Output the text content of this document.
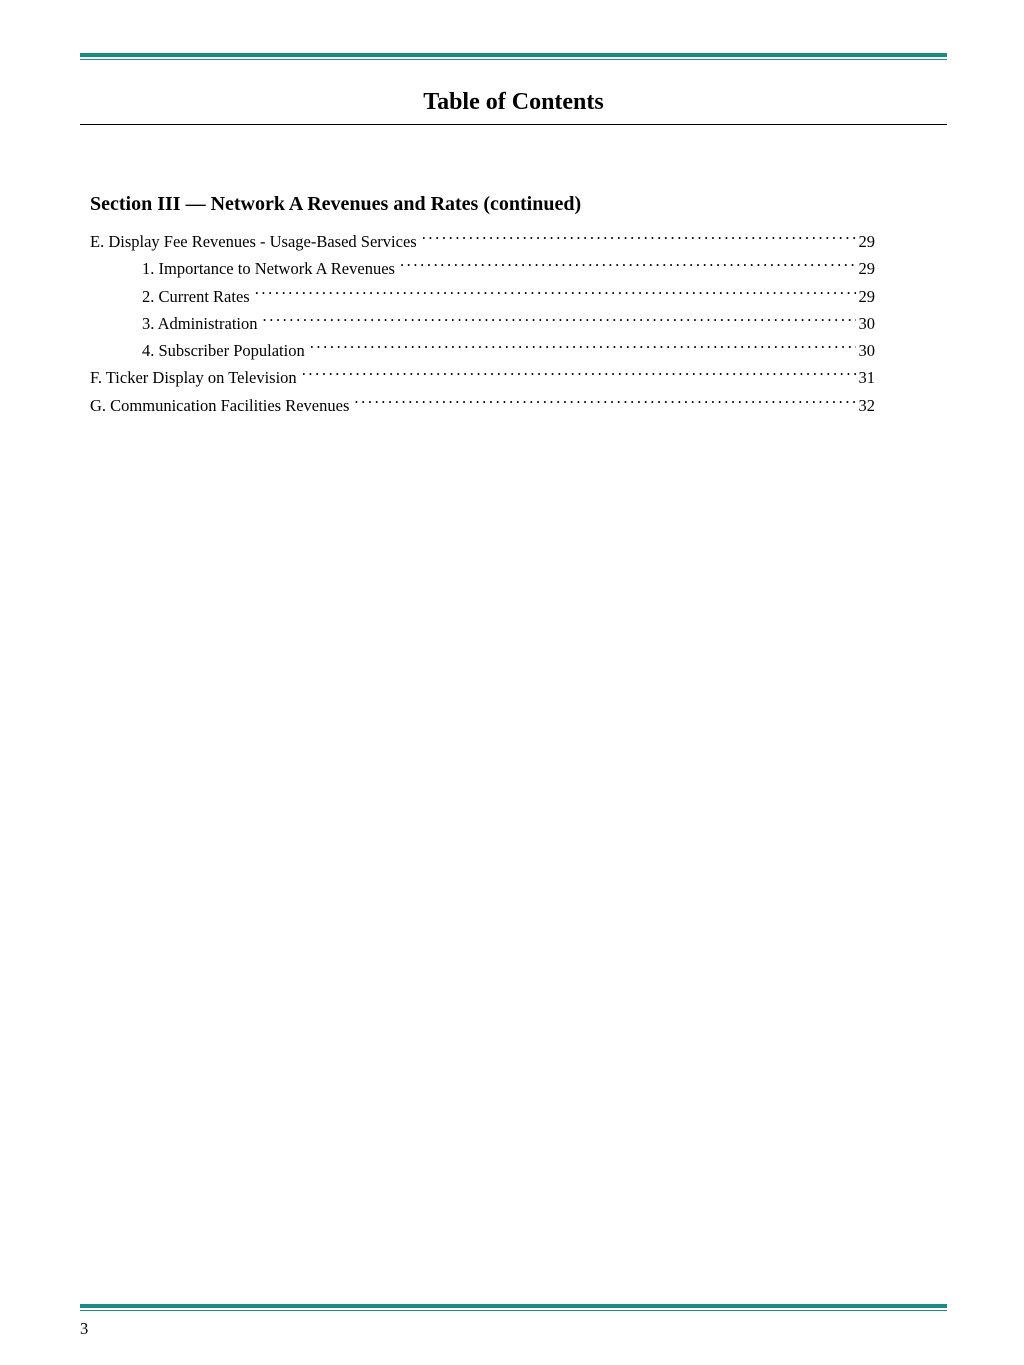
Table of Contents
Section III — Network A Revenues and Rates (continued)
E. Display Fee Revenues - Usage-Based Services .....	29
1. Importance to Network A Revenues .....	29
2. Current Rates .....	29
3. Administration .....	30
4. Subscriber Population .....	30
F. Ticker Display on Television .....	31
G. Communication Facilities Revenues .....	32
3
